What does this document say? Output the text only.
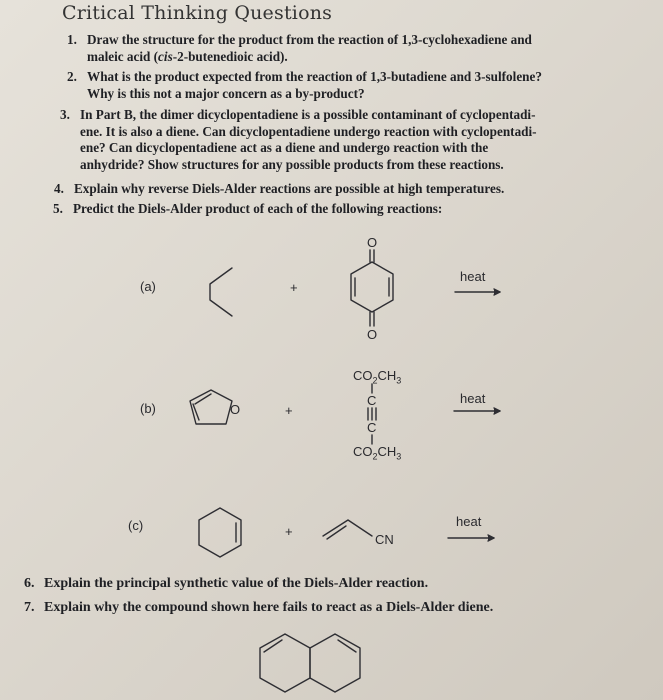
Critical Thinking Questions
1. Draw the structure for the product from the reaction of 1,3-cyclohexadiene and
maleic acid (cis-2-butenedioic acid).
2. What is the product expected from the reaction of 1,3-butadiene and 3-sulfolene?
Why is this not a major concern as a by-product?
3. In Part B, the dimer dicyclopentadiene is a possible contaminant of cyclopentadi-
ene. It is also a diene. Can dicyclopentadiene undergo reaction with cyclopentadi-
ene? Can dicyclopentadiene act as a diene and undergo reaction with the
anhydride? Show structures for any possible products from these reactions.
4. Explain why reverse Diels-Alder reactions are possible at high temperatures.
5. Predict the Diels-Alder product of each of the following reactions:
(a)	+
heat
O
O
(b)	O	+
$CO_2CH_3$
C
C
$CO_2CH_3$
heat
(c)	+
CN
heat
6. Explain the principal synthetic value of the Diels-Alder reaction.
7. Explain why the compound shown here fails to react as a Diels-Alder diene.
